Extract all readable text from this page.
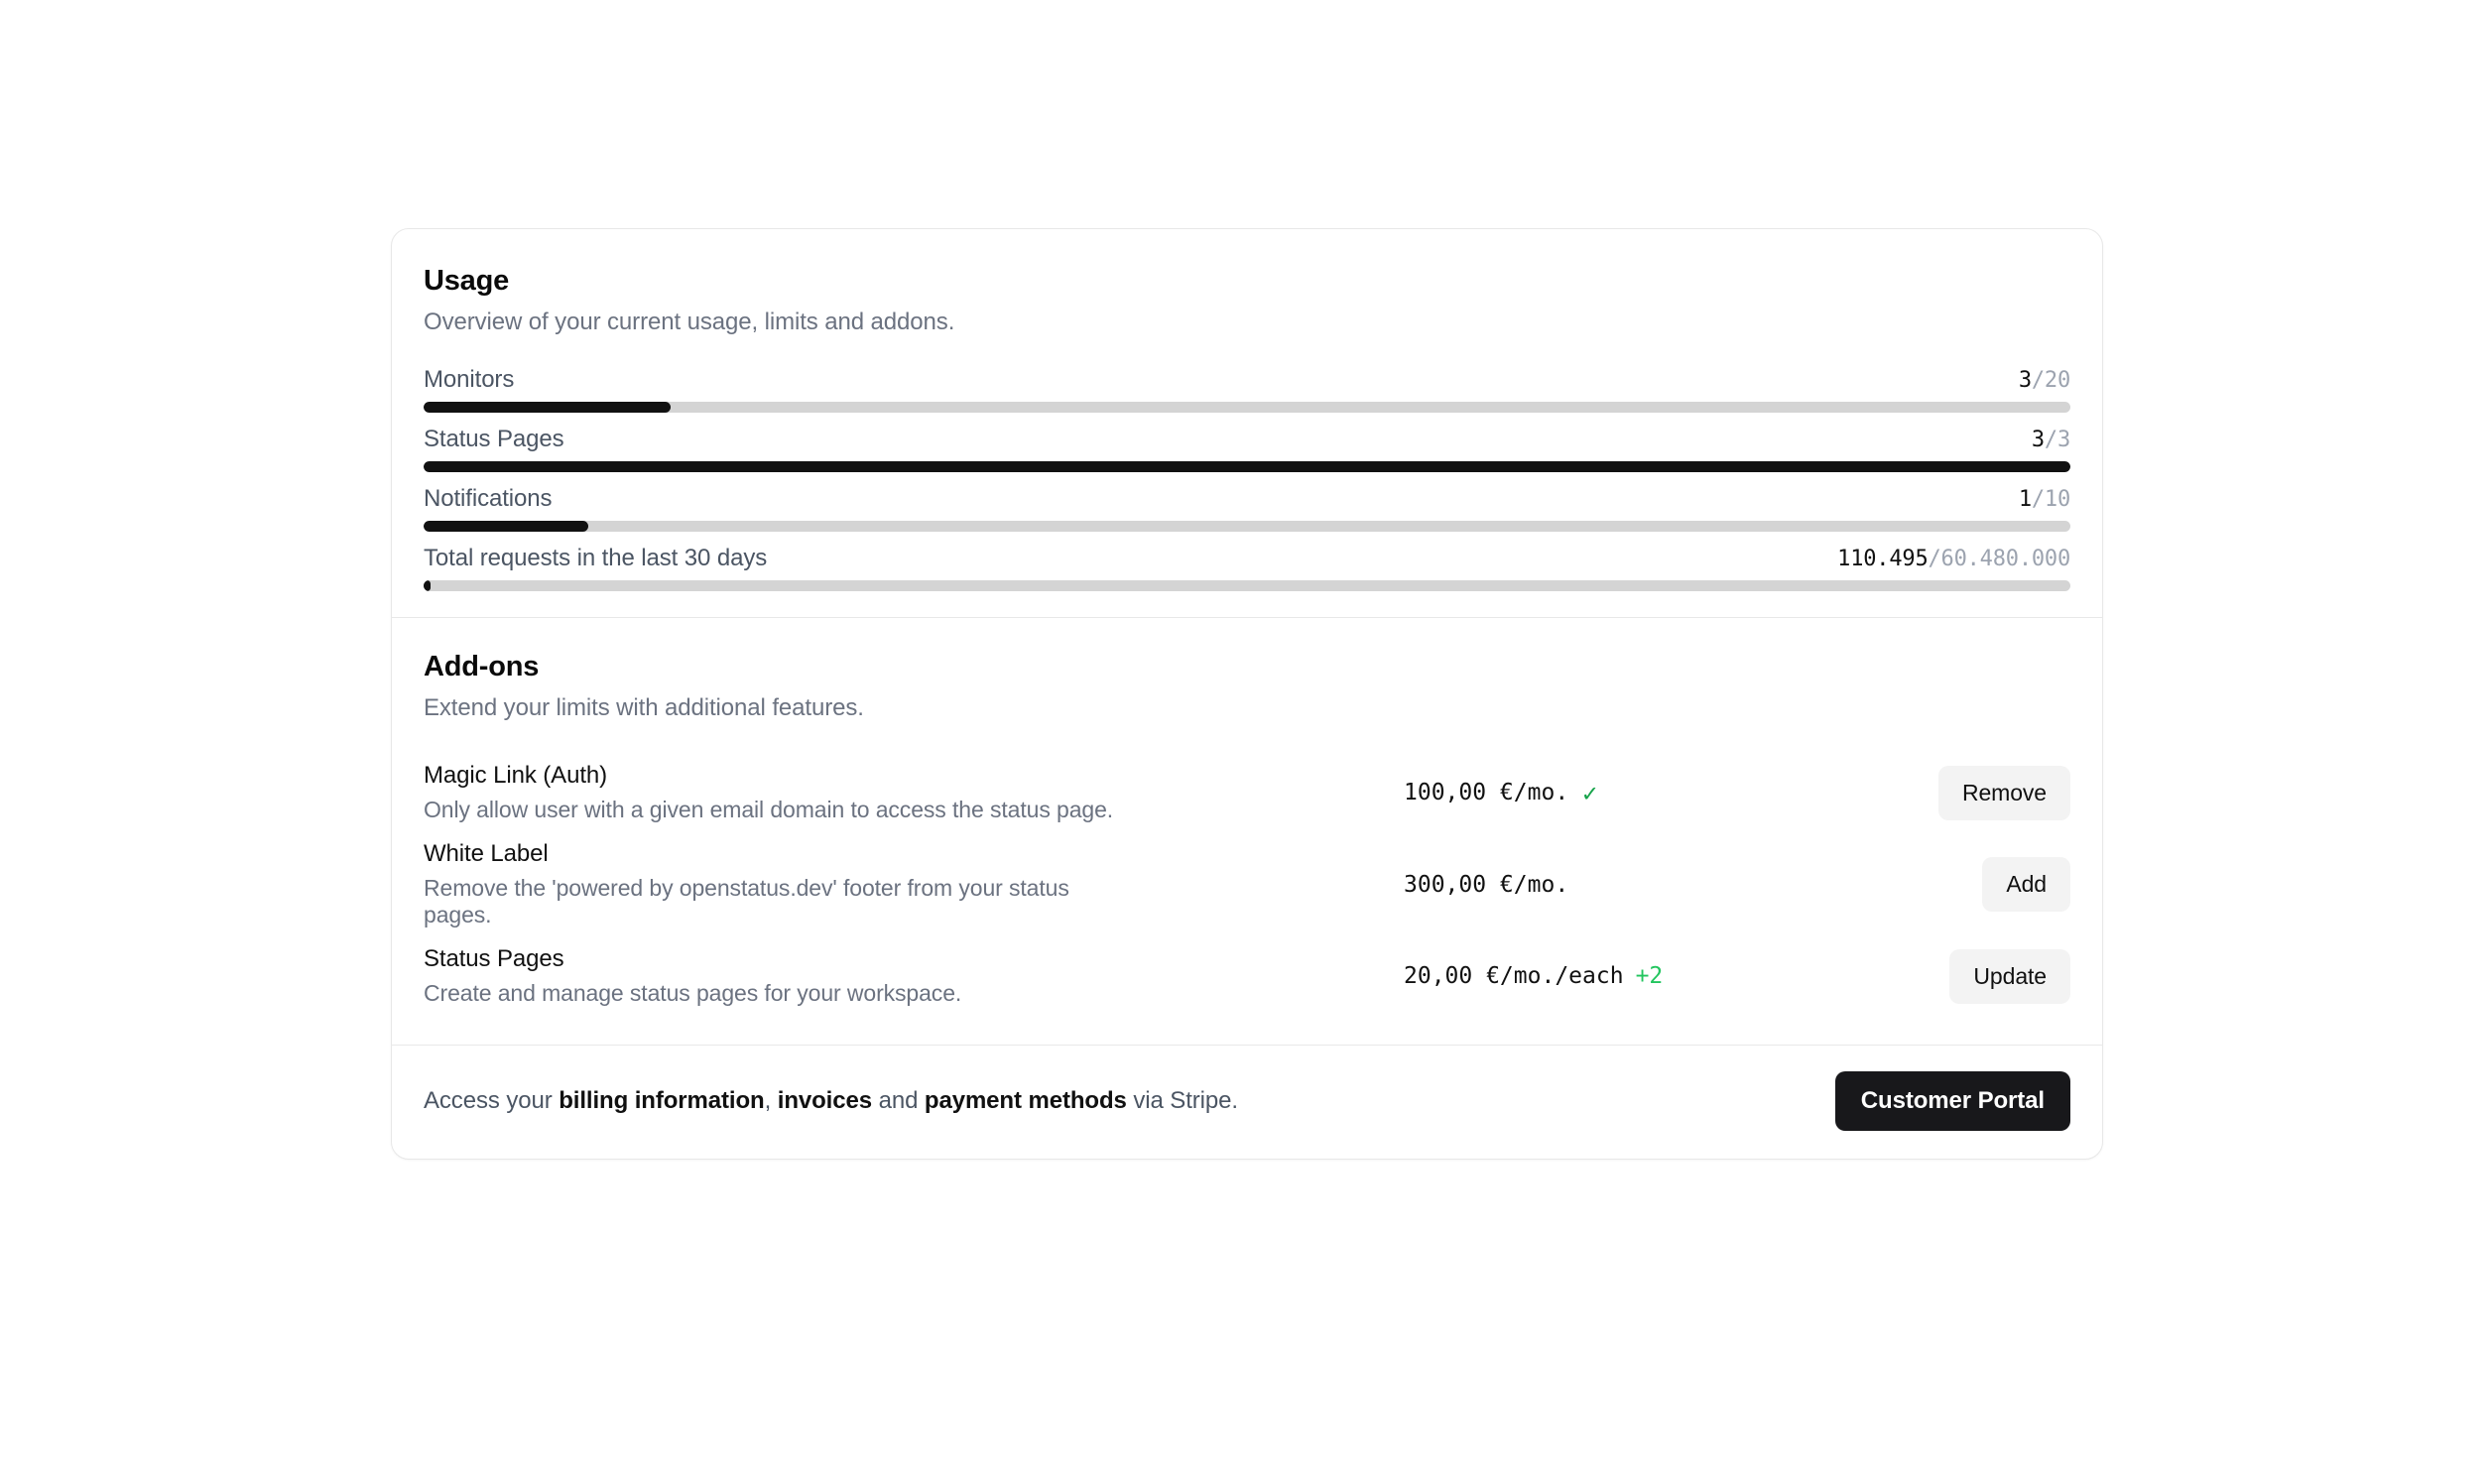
Usage
Overview of your current usage, limits and addons.
Monitors	3/20
Status Pages	3/3
Notifications	1/10
Total requests in the last 30 days	110.495/60.480.000
Add-ons
Extend your limits with additional features.
Magic Link (Auth)
Only allow user with a given email domain to access the status page.
100,00 €/mo. ✓	Remove
White Label
Remove the 'powered by openstatus.dev' footer from your status pages.
300,00 €/mo.	Add
Status Pages
Create and manage status pages for your workspace.
20,00 €/mo./each +2	Update
Access your billing information, invoices and payment methods via Stripe.	Customer Portal
